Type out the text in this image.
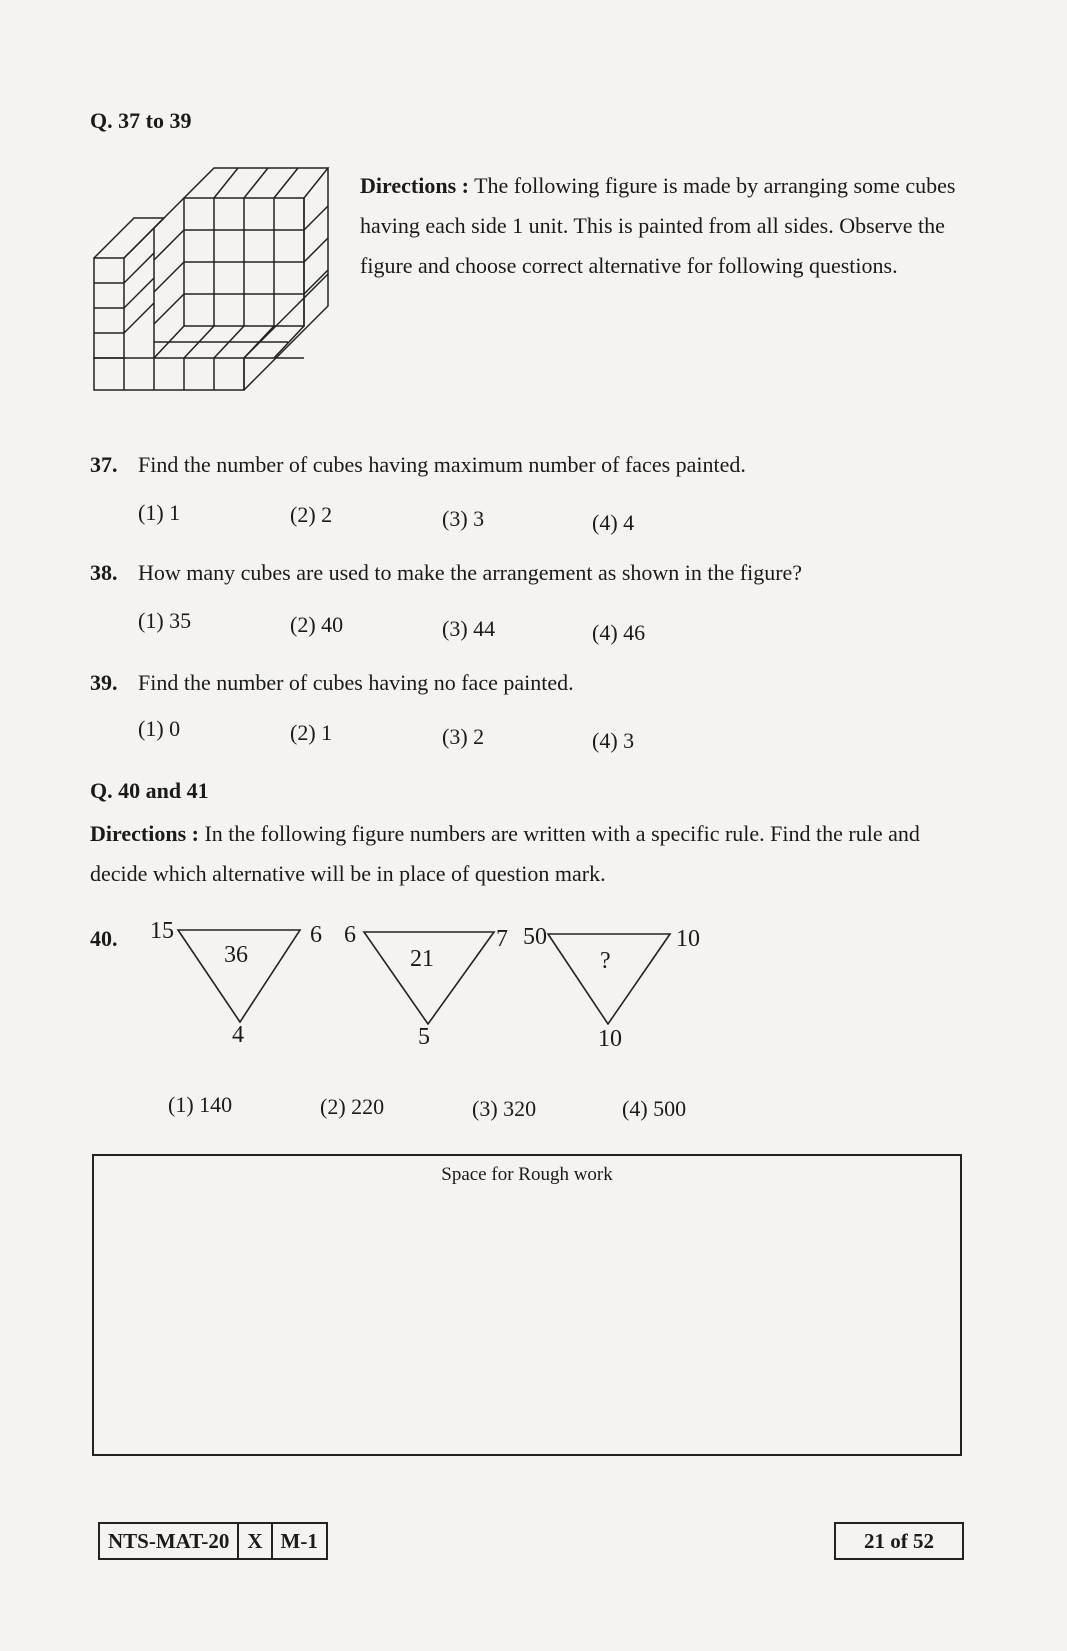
Q. 37 to 39
Directions : The following figure is made by arranging some cubes having each side 1 unit. This is painted from all sides. Observe the figure and choose correct alternative for following questions.
37. Find the number of cubes having maximum number of faces painted.
(1) 1	(2) 2	(3) 3	(4) 4
38. How many cubes are used to make the arrangement as shown in the figure?
(1) 35	(2) 40	(3) 44	(4) 46
39. Find the number of cubes having no face painted.
(1) 0	(2) 1	(3) 2	(4) 3
Q. 40 and 41
Directions : In the following figure numbers are written with a specific rule. Find the rule and decide which alternative will be in place of question mark.
40.	15	6
36
4
6	7
21
5
50	10
?
10
(1) 140	(2) 220	(3) 320	(4) 500
Space for Rough work
NTS-MAT-20 X M-1	21 of 52
